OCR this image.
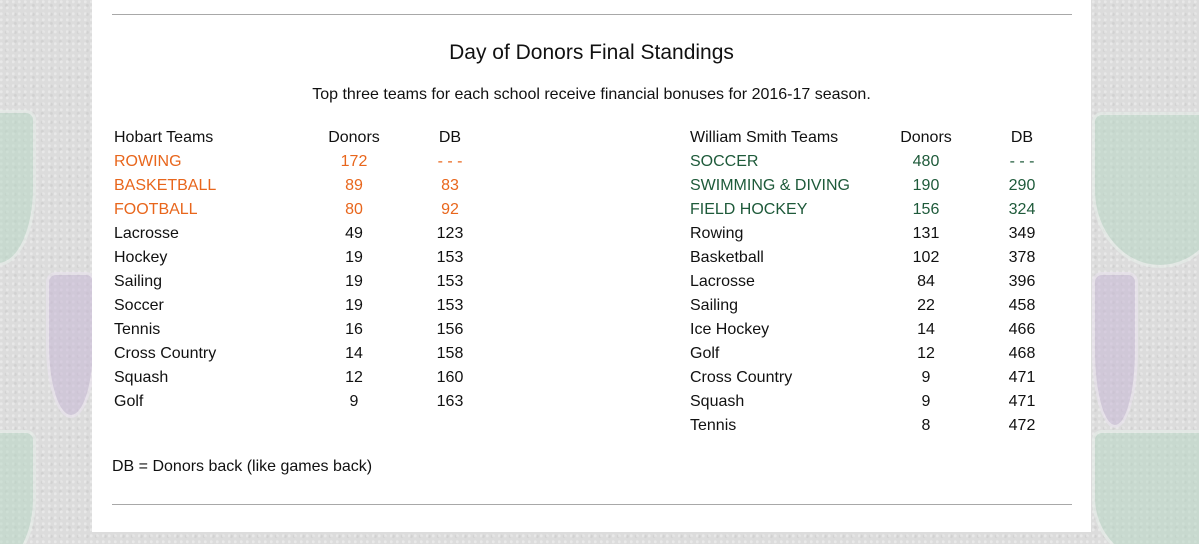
Day of Donors Final Standings
Top three teams for each school receive financial bonuses for 2016-17 season.
Hobart Teams	Donors	DB
ROWING	172	- - -
BASKETBALL	89	83
FOOTBALL	80	92
Lacrosse	49	123
Hockey	19	153
Sailing	19	153
Soccer	19	153
Tennis	16	156
Cross Country	14	158
Squash	12	160
Golf	9	163
William Smith Teams	Donors	DB
SOCCER	480	- - -
SWIMMING & DIVING	190	290
FIELD HOCKEY	156	324
Rowing	131	349
Basketball	102	378
Lacrosse	84	396
Sailing	22	458
Ice Hockey	14	466
Golf	12	468
Cross Country	9	471
Squash	9	471
Tennis	8	472
DB = Donors back (like games back)
